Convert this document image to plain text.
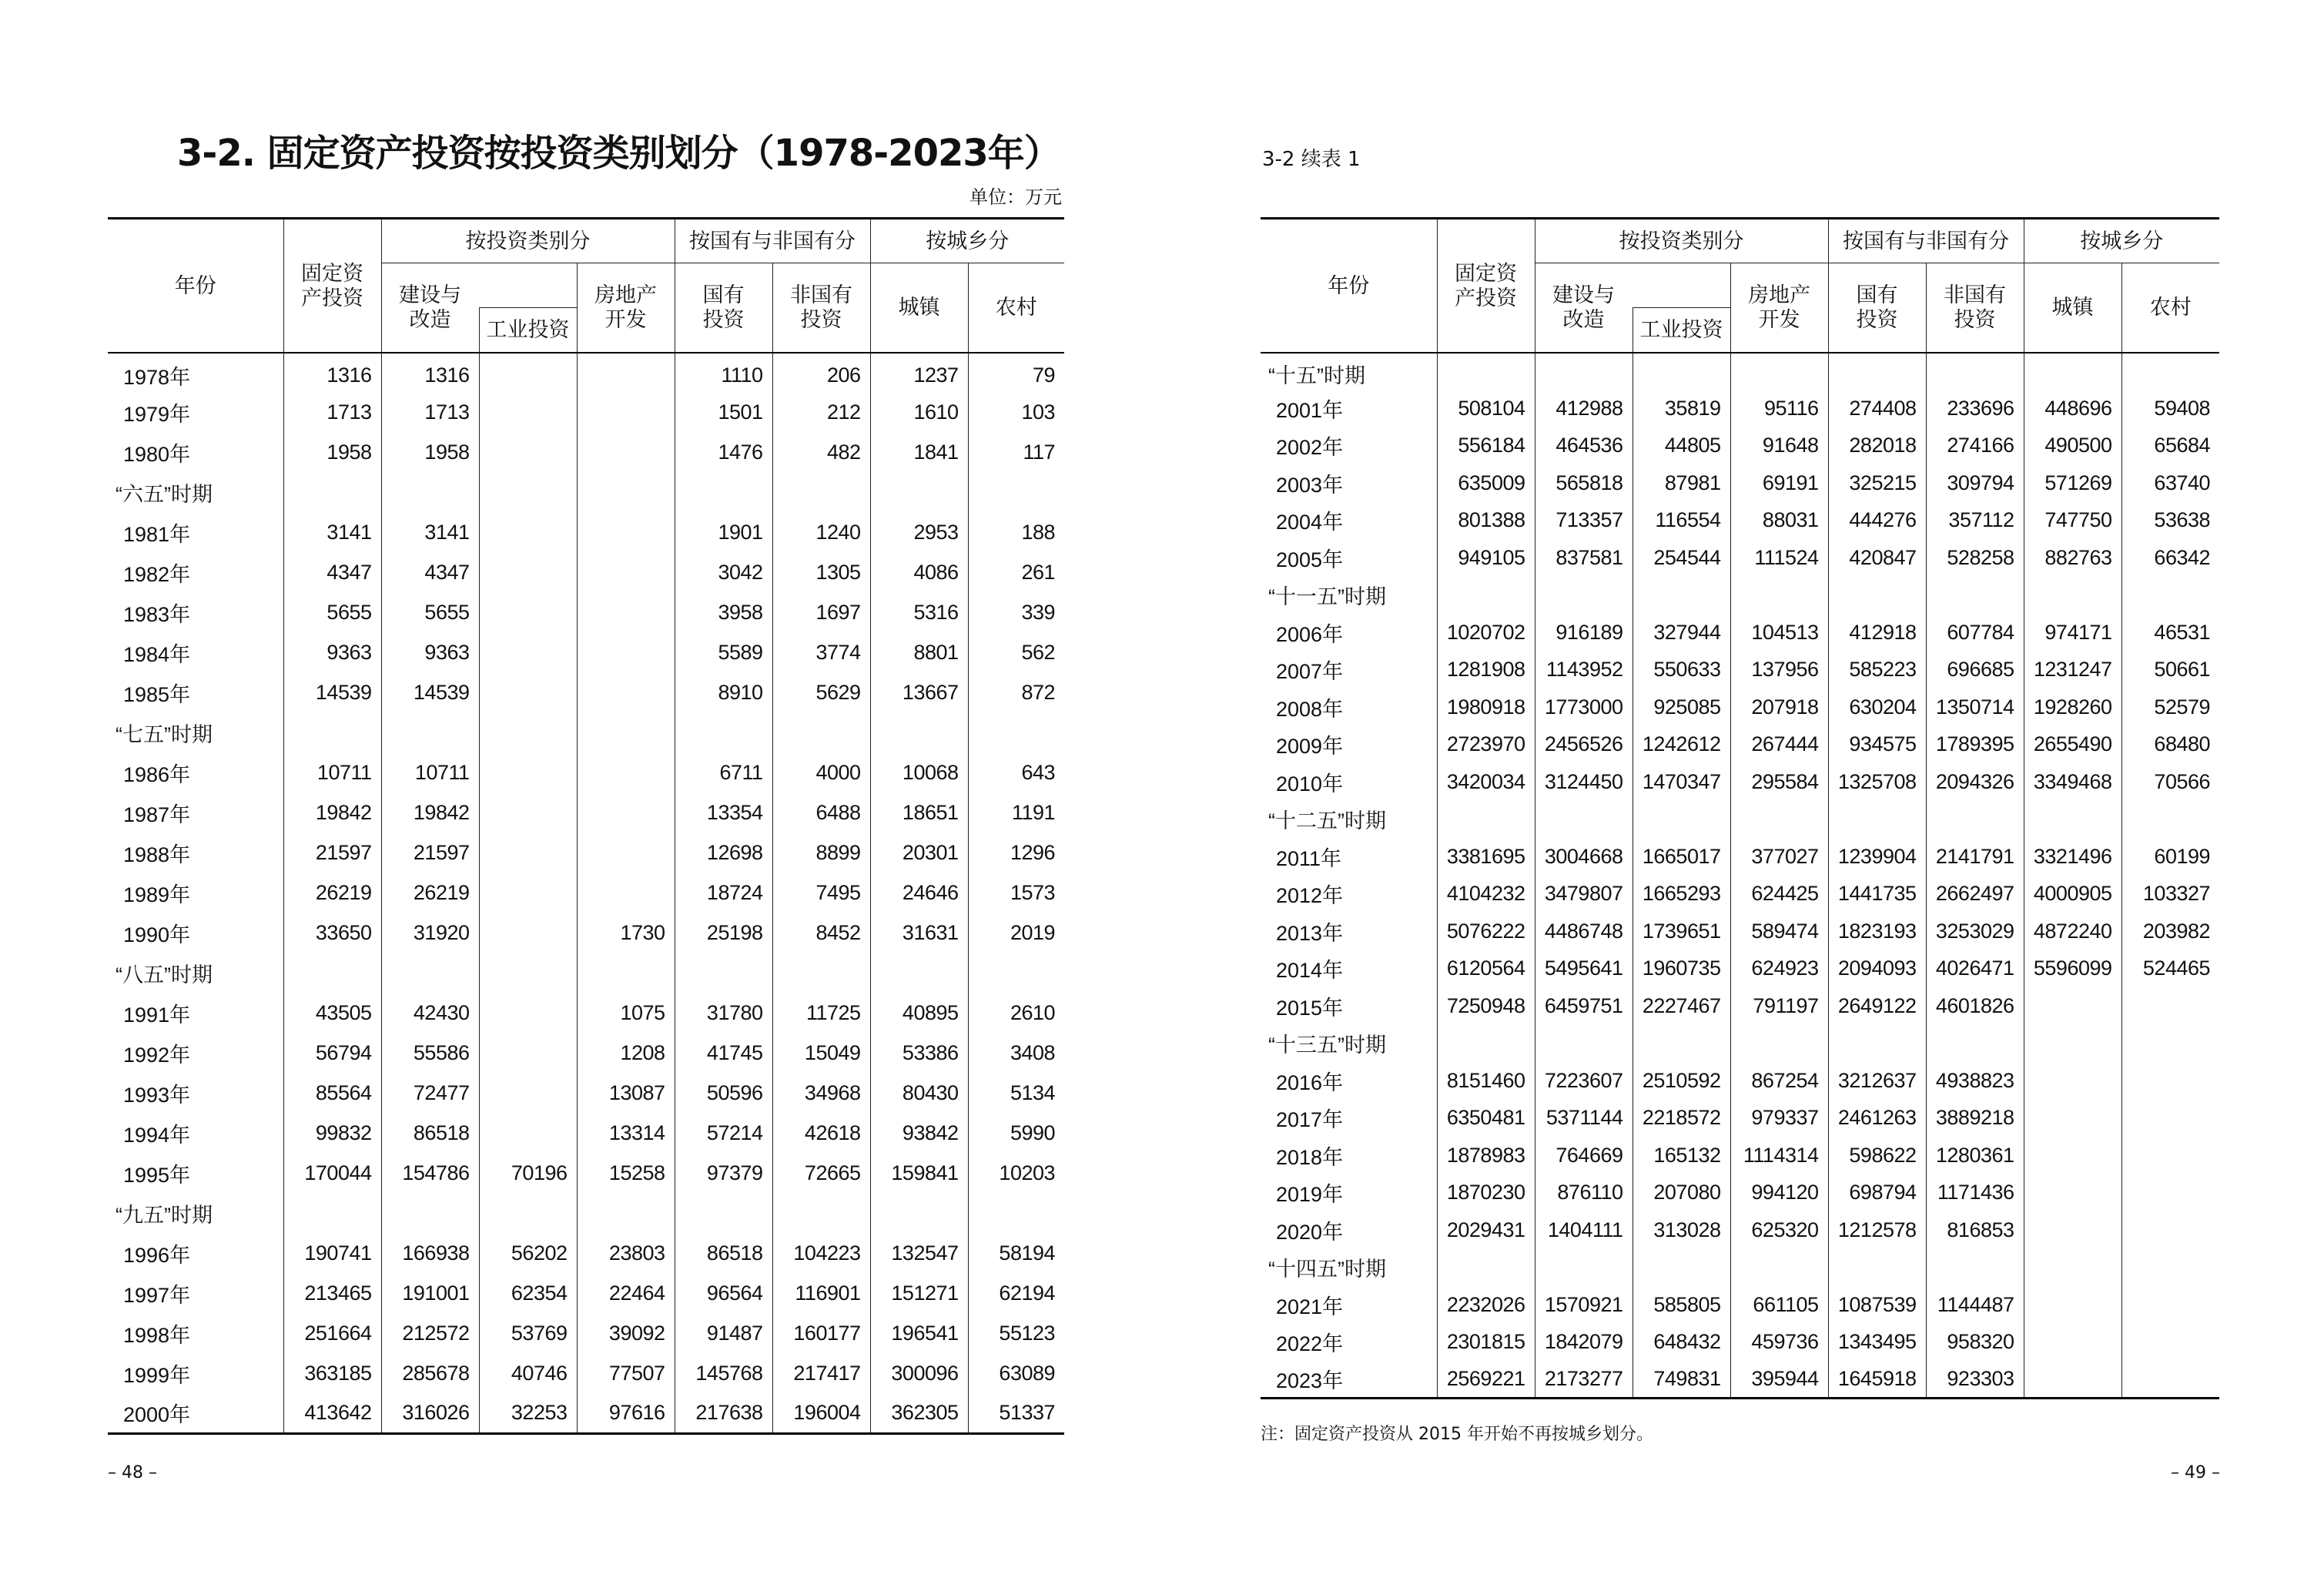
3-2. 固定资产投资按投资类别划分（1978-2023年）
单位：万元
年份	固定资产投资	按投资类别分			按国有与非国有分		按城乡分	
		建设与改造		房地产开发	国有投资	非国有投资	城镇	农村
			工业投资					
1978年	1316	1316			1110	206	1237	79
1979年	1713	1713			1501	212	1610	103
1980年	1958	1958			1476	482	1841	117
“六五”时期								
1981年	3141	3141			1901	1240	2953	188
1982年	4347	4347			3042	1305	4086	261
1983年	5655	5655			3958	1697	5316	339
1984年	9363	9363			5589	3774	8801	562
1985年	14539	14539			8910	5629	13667	872
“七五”时期								
1986年	10711	10711			6711	4000	10068	643
1987年	19842	19842			13354	6488	18651	1191
1988年	21597	21597			12698	8899	20301	1296
1989年	26219	26219			18724	7495	24646	1573
1990年	33650	31920		1730	25198	8452	31631	2019
“八五”时期								
1991年	43505	42430		1075	31780	11725	40895	2610
1992年	56794	55586		1208	41745	15049	53386	3408
1993年	85564	72477		13087	50596	34968	80430	5134
1994年	99832	86518		13314	57214	42618	93842	5990
1995年	170044	154786	70196	15258	97379	72665	159841	10203
“九五”时期								
1996年	190741	166938	56202	23803	86518	104223	132547	58194
1997年	213465	191001	62354	22464	96564	116901	151271	62194
1998年	251664	212572	53769	39092	91487	160177	196541	55123
1999年	363185	285678	40746	77507	145768	217417	300096	63089
2000年	413642	316026	32253	97616	217638	196004	362305	51337
– 48 –
3-2 续表 1
年份	固定资产投资	按投资类别分			按国有与非国有分		按城乡分	
		建设与改造		房地产开发	国有投资	非国有投资	城镇	农村
			工业投资					
“十五”时期								
2001年	508104	412988	35819	95116	274408	233696	448696	59408
2002年	556184	464536	44805	91648	282018	274166	490500	65684
2003年	635009	565818	87981	69191	325215	309794	571269	63740
2004年	801388	713357	116554	88031	444276	357112	747750	53638
2005年	949105	837581	254544	111524	420847	528258	882763	66342
“十一五”时期								
2006年	1020702	916189	327944	104513	412918	607784	974171	46531
2007年	1281908	1143952	550633	137956	585223	696685	1231247	50661
2008年	1980918	1773000	925085	207918	630204	1350714	1928260	52579
2009年	2723970	2456526	1242612	267444	934575	1789395	2655490	68480
2010年	3420034	3124450	1470347	295584	1325708	2094326	3349468	70566
“十二五”时期								
2011年	3381695	3004668	1665017	377027	1239904	2141791	3321496	60199
2012年	4104232	3479807	1665293	624425	1441735	2662497	4000905	103327
2013年	5076222	4486748	1739651	589474	1823193	3253029	4872240	203982
2014年	6120564	5495641	1960735	624923	2094093	4026471	5596099	524465
2015年	7250948	6459751	2227467	791197	2649122	4601826		
“十三五”时期								
2016年	8151460	7223607	2510592	867254	3212637	4938823		
2017年	6350481	5371144	2218572	979337	2461263	3889218		
2018年	1878983	764669	165132	1114314	598622	1280361		
2019年	1870230	876110	207080	994120	698794	1171436		
2020年	2029431	1404111	313028	625320	1212578	816853		
“十四五”时期								
2021年	2232026	1570921	585805	661105	1087539	1144487		
2022年	2301815	1842079	648432	459736	1343495	958320		
2023年	2569221	2173277	749831	395944	1645918	923303		
注：固定资产投资从 2015 年开始不再按城乡划分。
– 49 –
